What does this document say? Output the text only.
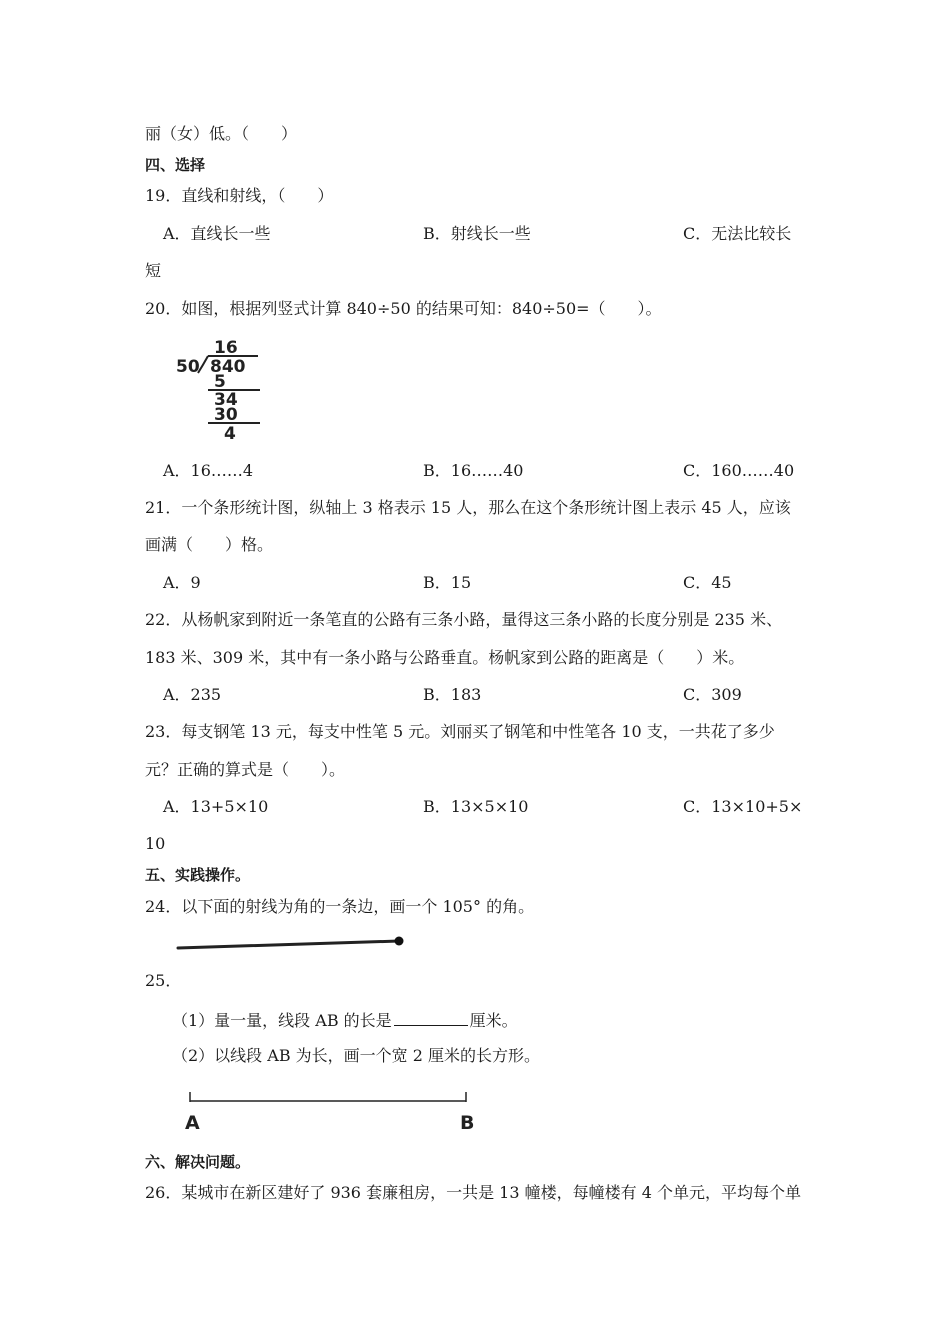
丽（女）低。（　　）
四、选择
19．直线和射线，（　　）
A．直线长一些	B．射线长一些	C．无法比较长
短
20．如图，根据列竖式计算 840÷50 的结果可知：840÷50=（　　）。
16
50 840
5
34
30
4
A．16……4	B．16……40	C．160……40
21．一个条形统计图，纵轴上 3 格表示 15 人，那么在这个条形统计图上表示 45 人，应该
画满（　　）格。
A．9	B．15	C．45
22．从杨帆家到附近一条笔直的公路有三条小路，量得这三条小路的长度分别是 235 米、
183 米、309 米，其中有一条小路与公路垂直。杨帆家到公路的距离是（　　）米。
A．235	B．183	C．309
23．每支钢笔 13 元，每支中性笔 5 元。刘丽买了钢笔和中性笔各 10 支，一共花了多少
元？正确的算式是（　　）。
A．13+5×10	B．13×5×10	C．13×10+5×
10
五、实践操作。
24．以下面的射线为角的一条边，画一个 105° 的角。
25．
（1）量一量，线段 AB 的长是	厘米。
（2）以线段 AB 为长，画一个宽 2 厘米的长方形。
A	B
六、解决问题。
26．某城市在新区建好了 936 套廉租房，一共是 13 幢楼，每幢楼有 4 个单元，平均每个单
